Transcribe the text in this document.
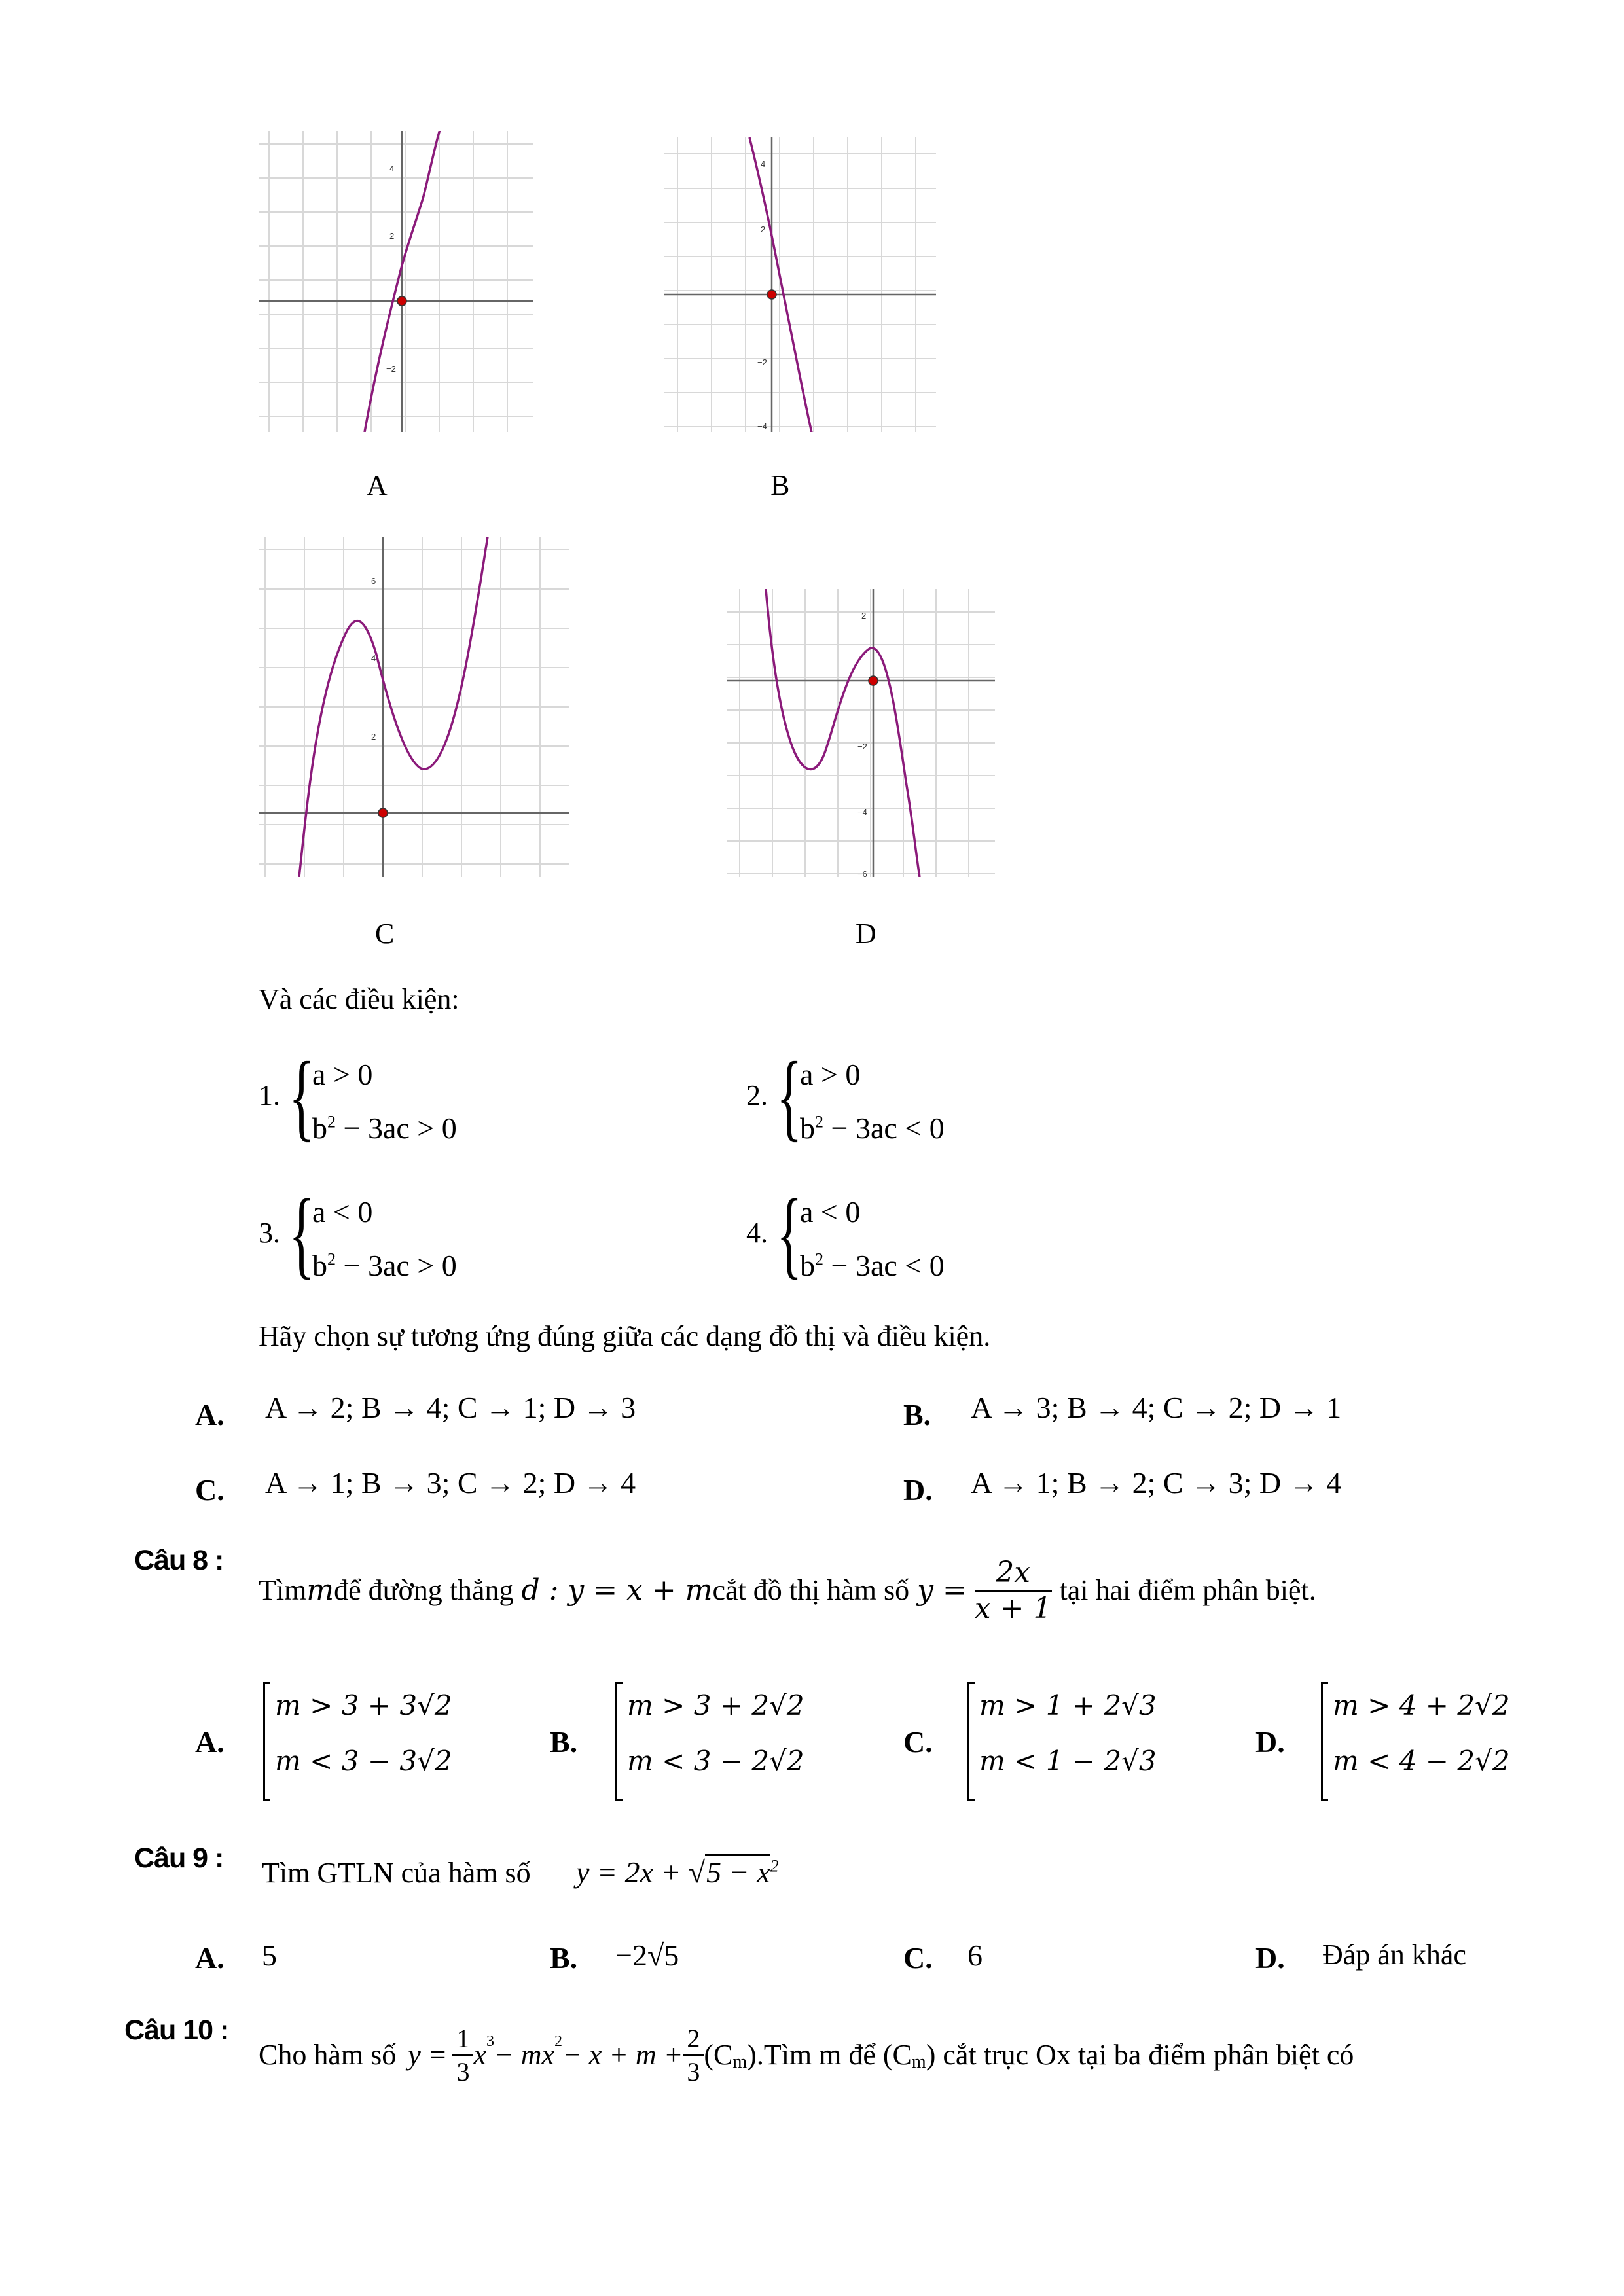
4
2
−2
A
4
2
−2
−4
B
6
4
2
C
2
−2
−4
−6
D
Và các điều kiện:
1. {
a > 0
$b^2 - 3ac > 0$
2. {
a > 0
$b^2 - 3ac < 0$
3. {
a < 0
$b^2 - 3ac > 0$
4. {
a < 0
$b^2 - 3ac < 0$
Hãy chọn sự tương ứng đúng giữa các dạng đồ thị và điều kiện.
A. A → 2; B → 4; C → 1; D → 3	B. A → 3; B → 4; C → 2; D → 1
C. A → 1; B → 3; C → 2; D → 4	D. A → 1; B → 2; C → 3; D → 4
Câu 8 :
Tìm m để đường thẳng d : y = x + m cắt đồ thị hàm số $y = \frac{2x}{x + 1}$ tại hai điểm phân biệt.
A.
m > 3 + 3√2
m < 3 − 3√2
B.
m > 3 + 2√2
m < 3 − 2√2
C.
m > 1 + 2√3
m < 1 − 2√3
D.
m > 4 + 2√2
m < 4 − 2√2
Câu 9 : Tìm GTLN của hàm số $y = 2x + √5 - x^2$
A. 5	B. −2√5	C. 6	D. Đáp án khác
Câu 10 :
Cho hàm số $y = \frac{1}{3} x^3 - mx^2 - x + m + \frac{2}{3} (C_m$ ). Tìm m để ($C_m$ ) cắt trục Ox tại ba điểm phân biệt có
